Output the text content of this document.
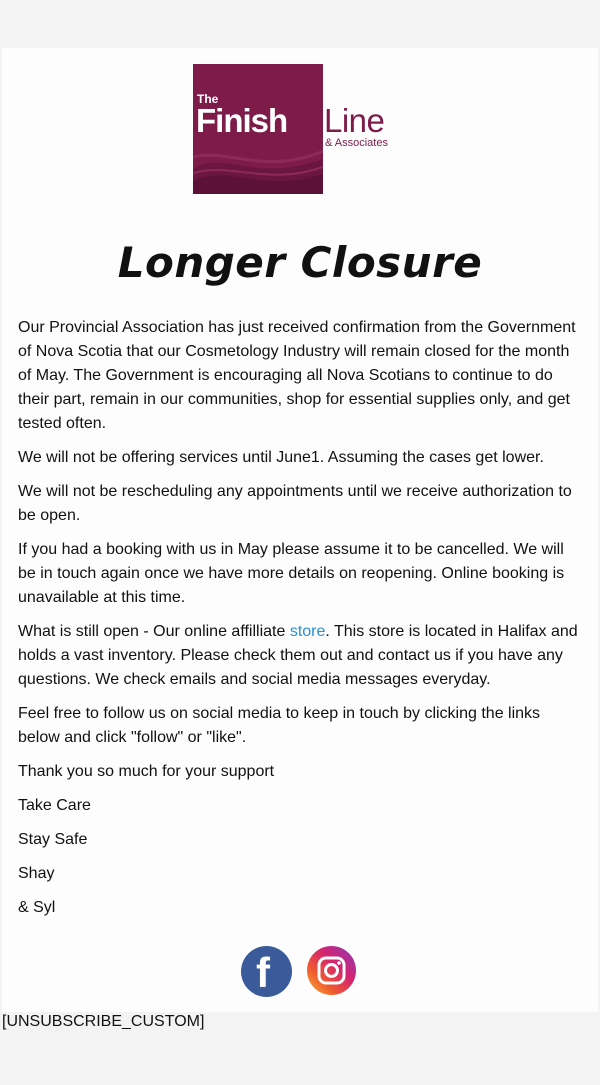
The
Finish Line
& Associates
Longer Closure

Our Provincial Association has just received confirmation from the Government of Nova Scotia that our Cosmetology Industry will remain closed for the month of May. The Government is encouraging all Nova Scotians to continue to do their part, remain in our communities, shop for essential supplies only, and get tested often.

We will not be offering services until June1. Assuming the cases get lower.

We will not be rescheduling any appointments until we receive authorization to be open.

If you had a booking with us in May please assume it to be cancelled. We will be in touch again once we have more details on reopening. Online booking is unavailable at this time.

What is still open - Our online affilliate store. This store is located in Halifax and holds a vast inventory. Please check them out and contact us if you have any questions. We check emails and social media messages everyday.

Feel free to follow us on social media to keep in touch by clicking the links below and click "follow" or "like".

Thank you so much for your support

Take Care

Stay Safe

Shay

& Syl

f
[UNSUBSCRIBE_CUSTOM]
